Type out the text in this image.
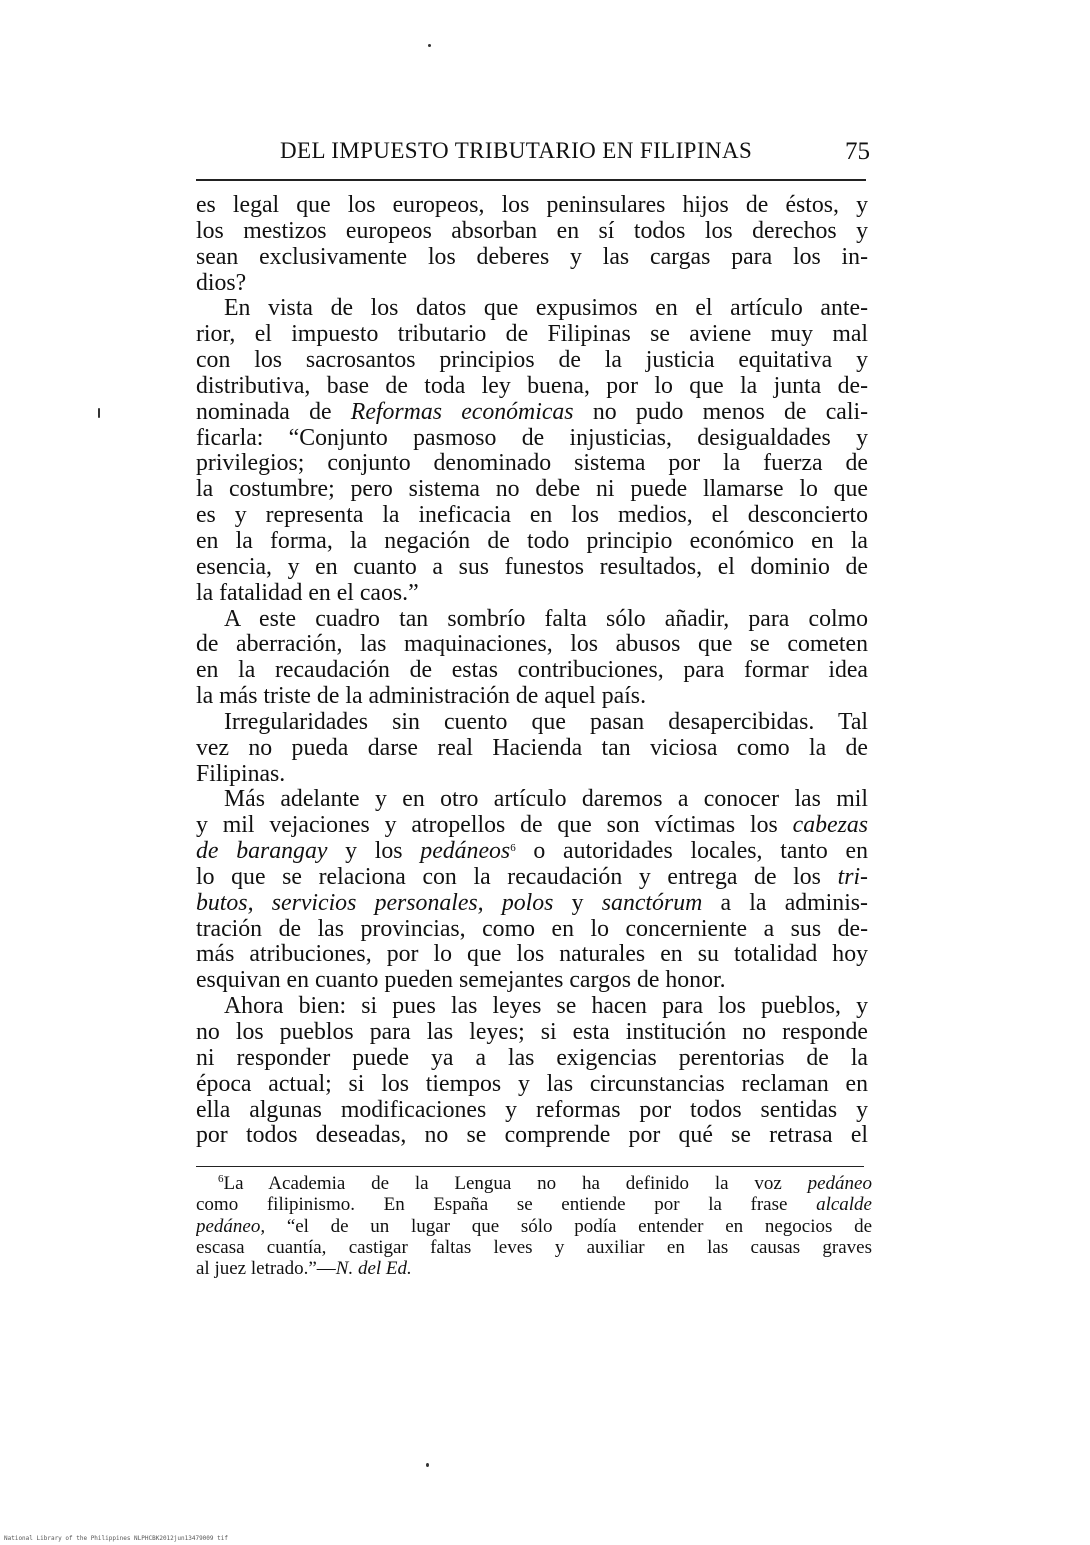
DEL IMPUESTO TRIBUTARIO EN FILIPINAS	75
es legal que los europeos, los peninsulares hijos de éstos, y
los mestizos europeos absorban en sí todos los derechos y
sean exclusivamente los deberes y las cargas para los in-
dios?
En vista de los datos que expusimos en el artículo ante-
rior, el impuesto tributario de Filipinas se aviene muy mal
con los sacrosantos principios de la justicia equitativa y
distributiva, base de toda ley buena, por lo que la junta de-
nominada de Reformas económicas no pudo menos de cali-
ficarla: “Conjunto pasmoso de injusticias, desigualdades y
privilegios; conjunto denominado sistema por la fuerza de
la costumbre; pero sistema no debe ni puede llamarse lo que
es y representa la ineficacia en los medios, el desconcierto
en la forma, la negación de todo principio económico en la
esencia, y en cuanto a sus funestos resultados, el dominio de
la fatalidad en el caos.”
A este cuadro tan sombrío falta sólo añadir, para colmo
de aberración, las maquinaciones, los abusos que se cometen
en la recaudación de estas contribuciones, para formar idea
la más triste de la administración de aquel país.
Irregularidades sin cuento que pasan desapercibidas. Tal
vez no pueda darse real Hacienda tan viciosa como la de
Filipinas.
Más adelante y en otro artículo daremos a conocer las mil
y mil vejaciones y atropellos de que son víctimas los cabezas
de barangay y los pedáneos$^6$ o autoridades locales, tanto en
lo que se relaciona con la recaudación y entrega de los tri-
butos, servicios personales, polos y sanctórum a la adminis-
tración de las provincias, como en lo concerniente a sus de-
más atribuciones, por lo que los naturales en su totalidad hoy
esquivan en cuanto pueden semejantes cargos de honor.
Ahora bien: si pues las leyes se hacen para los pueblos, y
no los pueblos para las leyes; si esta institución no responde
ni responder puede ya a las exigencias perentorias de la
época actual; si los tiempos y las circunstancias reclaman en
ella algunas modificaciones y reformas por todos sentidas y
por todos deseadas, no se comprende por qué se retrasa el
$^6$La Academia de la Lengua no ha definido la voz pedáneo
como filipinismo. En España se entiende por la frase alcalde
pedáneo, “el de un lugar que sólo podía entender en negocios de
escasa cuantía, castigar faltas leves y auxiliar en las causas graves
al juez letrado.”—N. del Ed.
National Library of the Philippines NLPHCBK2012jun13479009 tif
